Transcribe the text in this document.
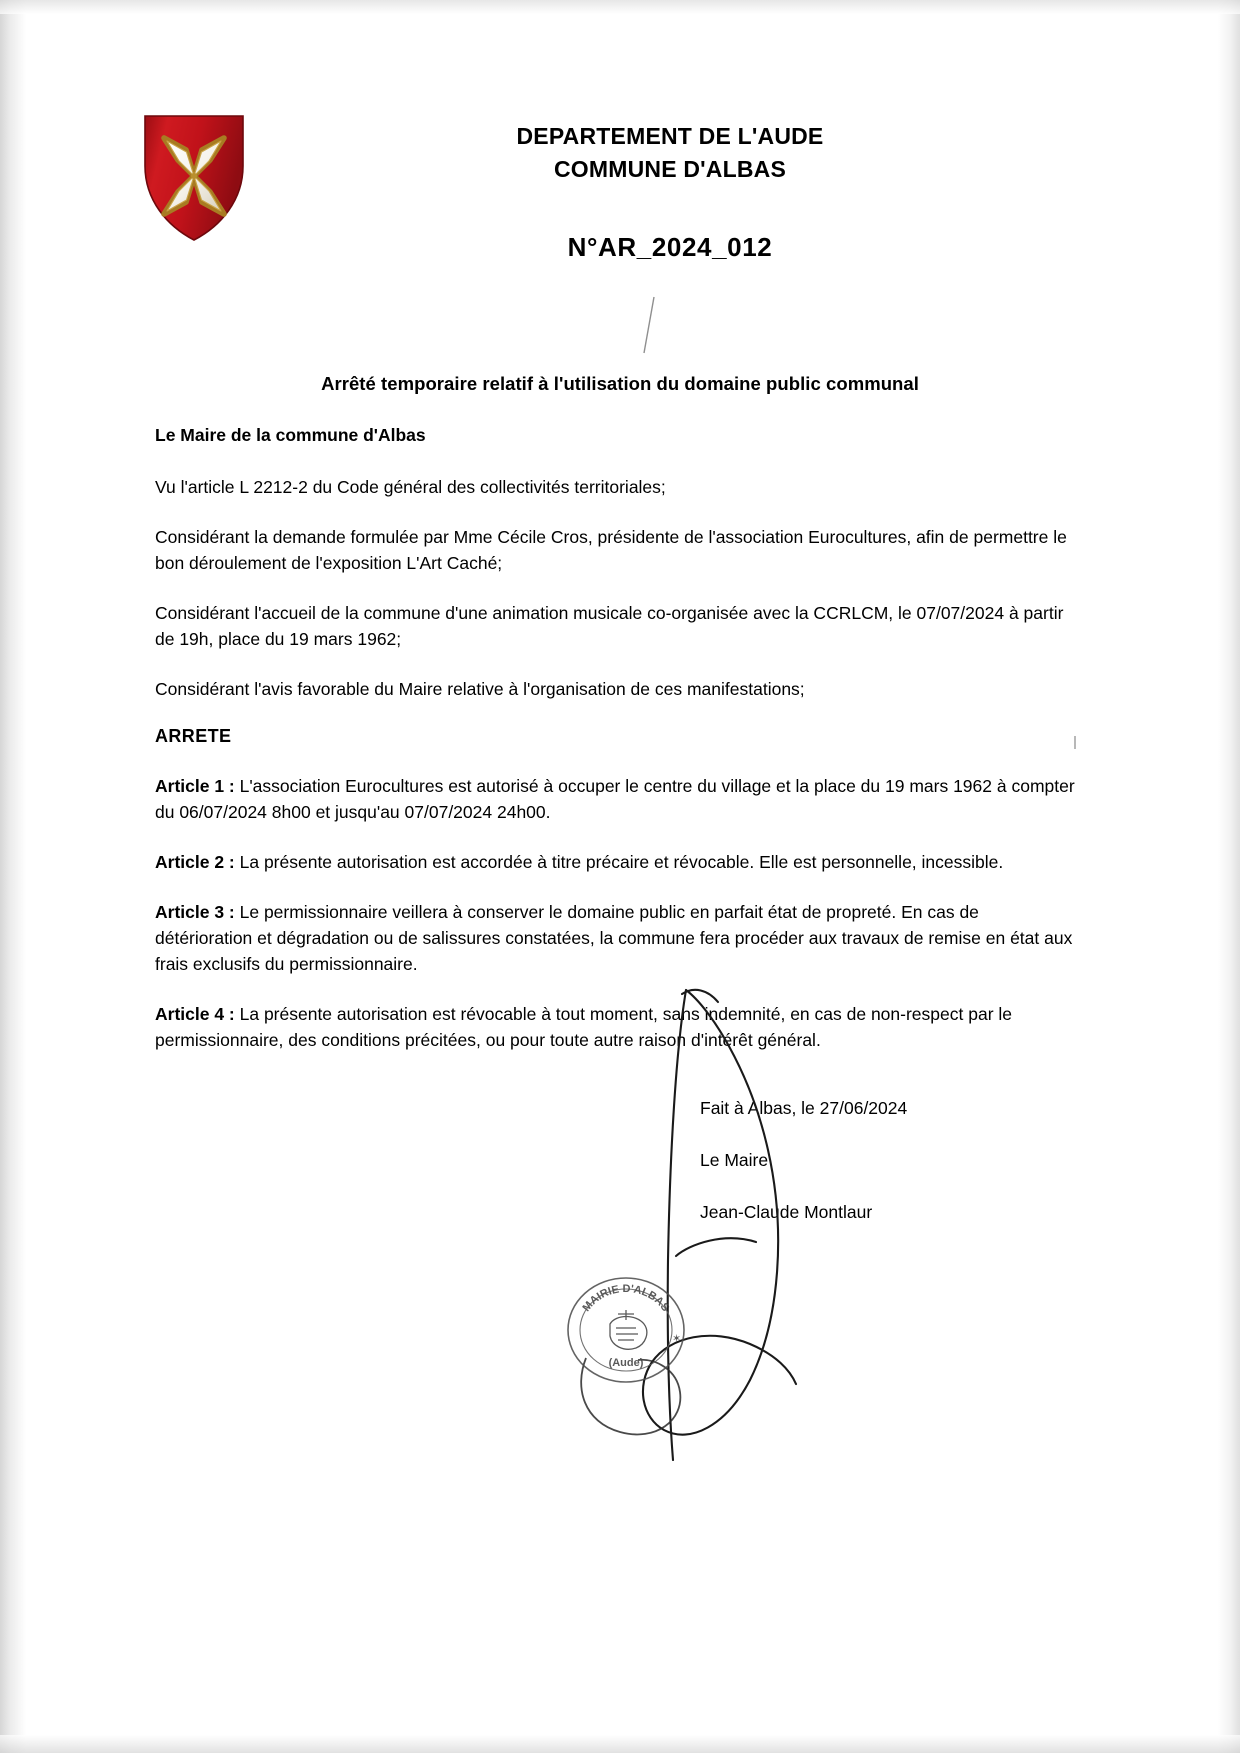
DEPARTEMENT DE L'AUDE
COMMUNE D'ALBAS
N°AR_2024_012
Arrêté temporaire relatif à l'utilisation du domaine public communal
Le Maire de la commune d'Albas

Vu l'article L 2212-2 du Code général des collectivités territoriales;

Considérant la demande formulée par Mme Cécile Cros, présidente de l'association Eurocultures, afin de permettre le bon déroulement de l'exposition L'Art Caché;

Considérant l'accueil de la commune d'une animation musicale co-organisée avec la CCRLCM, le 07/07/2024 à partir de 19h, place du 19 mars 1962;

Considérant l'avis favorable du Maire relative à l'organisation de ces manifestations;

ARRETE

Article 1 : L'association Eurocultures est autorisé à occuper le centre du village et la place du 19 mars 1962 à compter du 06/07/2024 8h00 et jusqu'au 07/07/2024 24h00.

Article 2 : La présente autorisation est accordée à titre précaire et révocable. Elle est personnelle, incessible.

Article 3 : Le permissionnaire veillera à conserver le domaine public en parfait état de propreté. En cas de détérioration et dégradation ou de salissures constatées, la commune fera procéder aux travaux de remise en état aux frais exclusifs du permissionnaire.

Article 4 : La présente autorisation est révocable à tout moment, sans indemnité, en cas de non-respect par le permissionnaire, des conditions précitées, ou pour toute autre raison d'intérêt général.

Fait à Albas, le 27/06/2024
Le Maire
Jean-Claude Montlaur
MAIRIE D'ALBAS
(Aude)
✶
